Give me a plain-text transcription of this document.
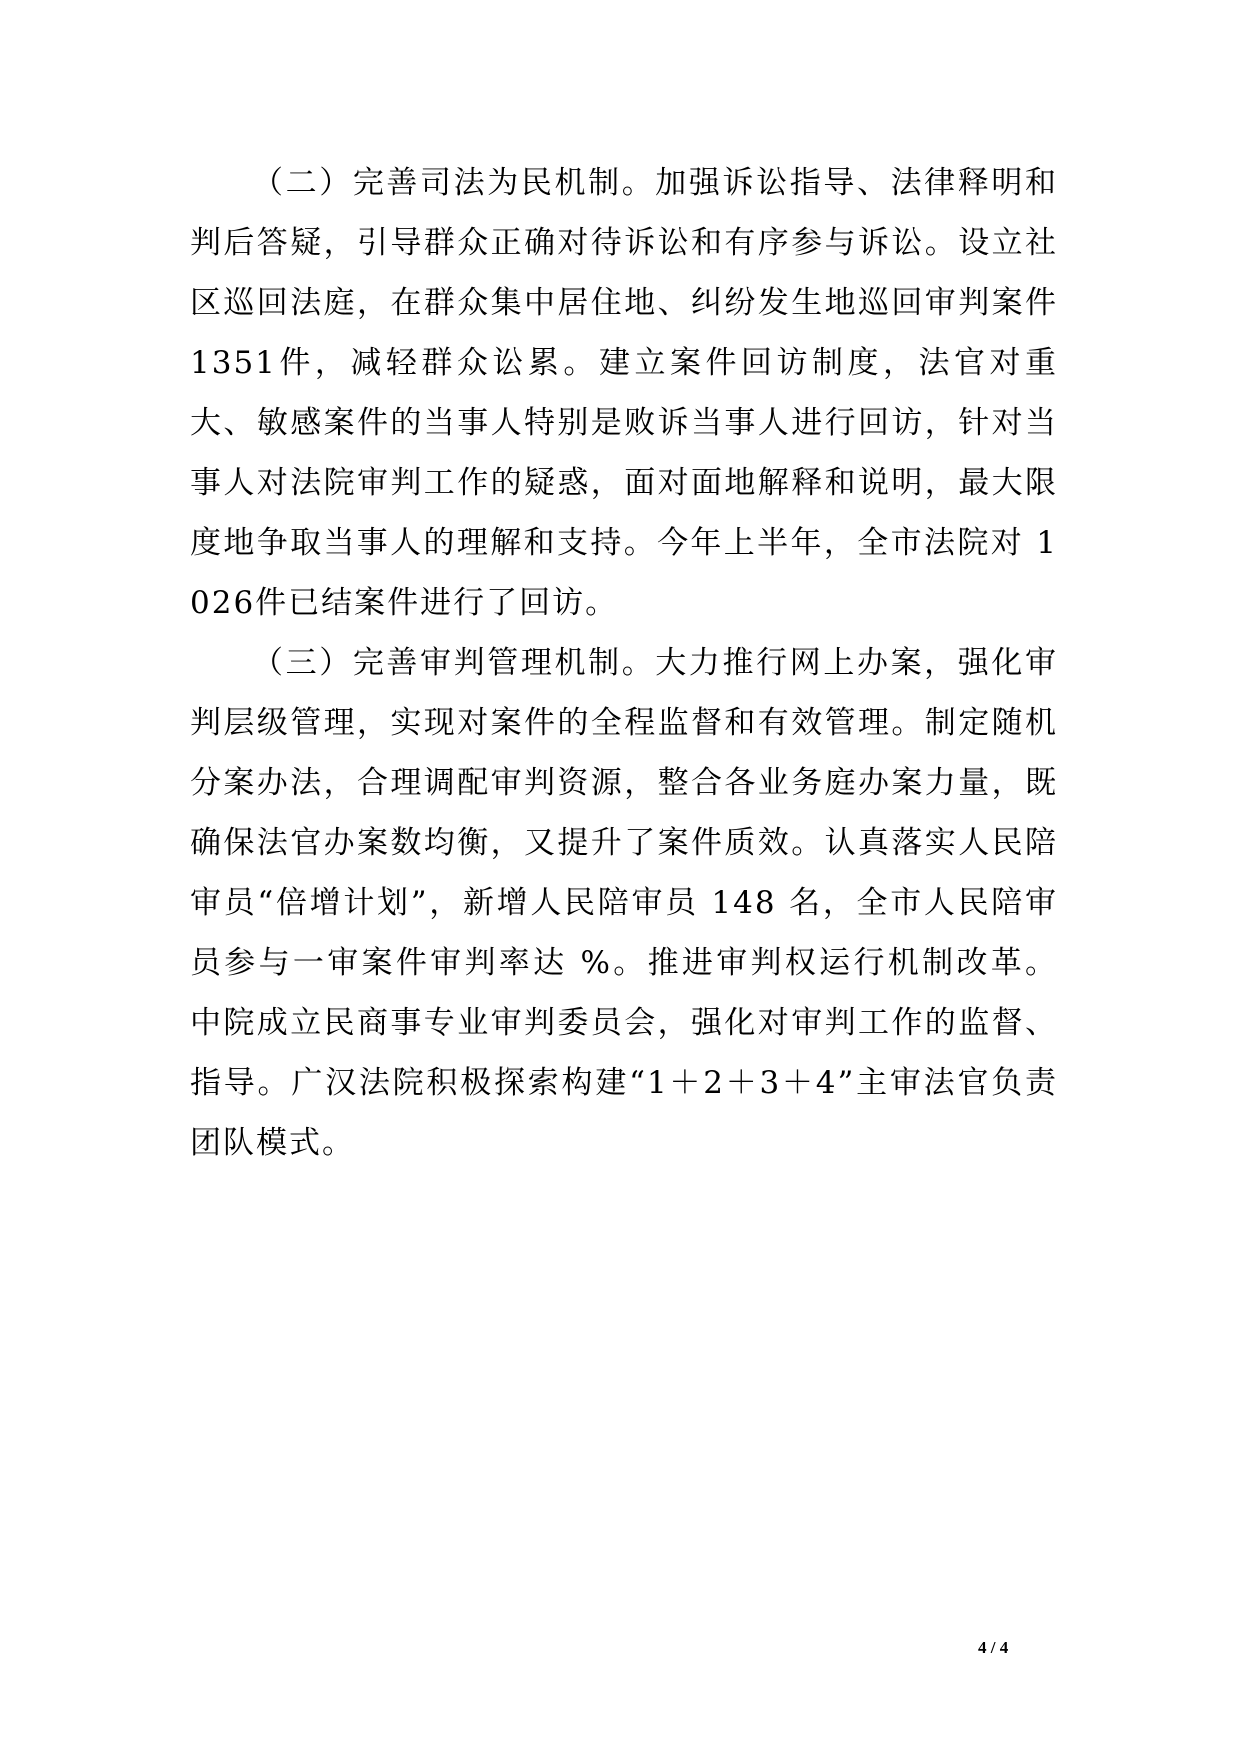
（二）完善司法为民机制。加强诉讼指导、法律释明和判后答疑，引导群众正确对待诉讼和有序参与诉讼。设立社区巡回法庭，在群众集中居住地、纠纷发生地巡回审判案件1351件，减轻群众讼累。建立案件回访制度，法官对重大、敏感案件的当事人特别是败诉当事人进行回访，针对当事人对法院审判工作的疑惑，面对面地解释和说明，最大限度地争取当事人的理解和支持。今年上半年，全市法院对 1026件已结案件进行了回访。

（三）完善审判管理机制。大力推行网上办案，强化审判层级管理，实现对案件的全程监督和有效管理。制定随机分案办法，合理调配审判资源，整合各业务庭办案力量，既确保法官办案数均衡，又提升了案件质效。认真落实人民陪审员“倍增计划”，新增人民陪审员 148 名，全市人民陪审员参与一审案件审判率达 %。推进审判权运行机制改革。中院成立民商事专业审判委员会，强化对审判工作的监督、指导。广汉法院积极探索构建“1＋2＋3＋4”主审法官负责团队模式。

4 / 4
